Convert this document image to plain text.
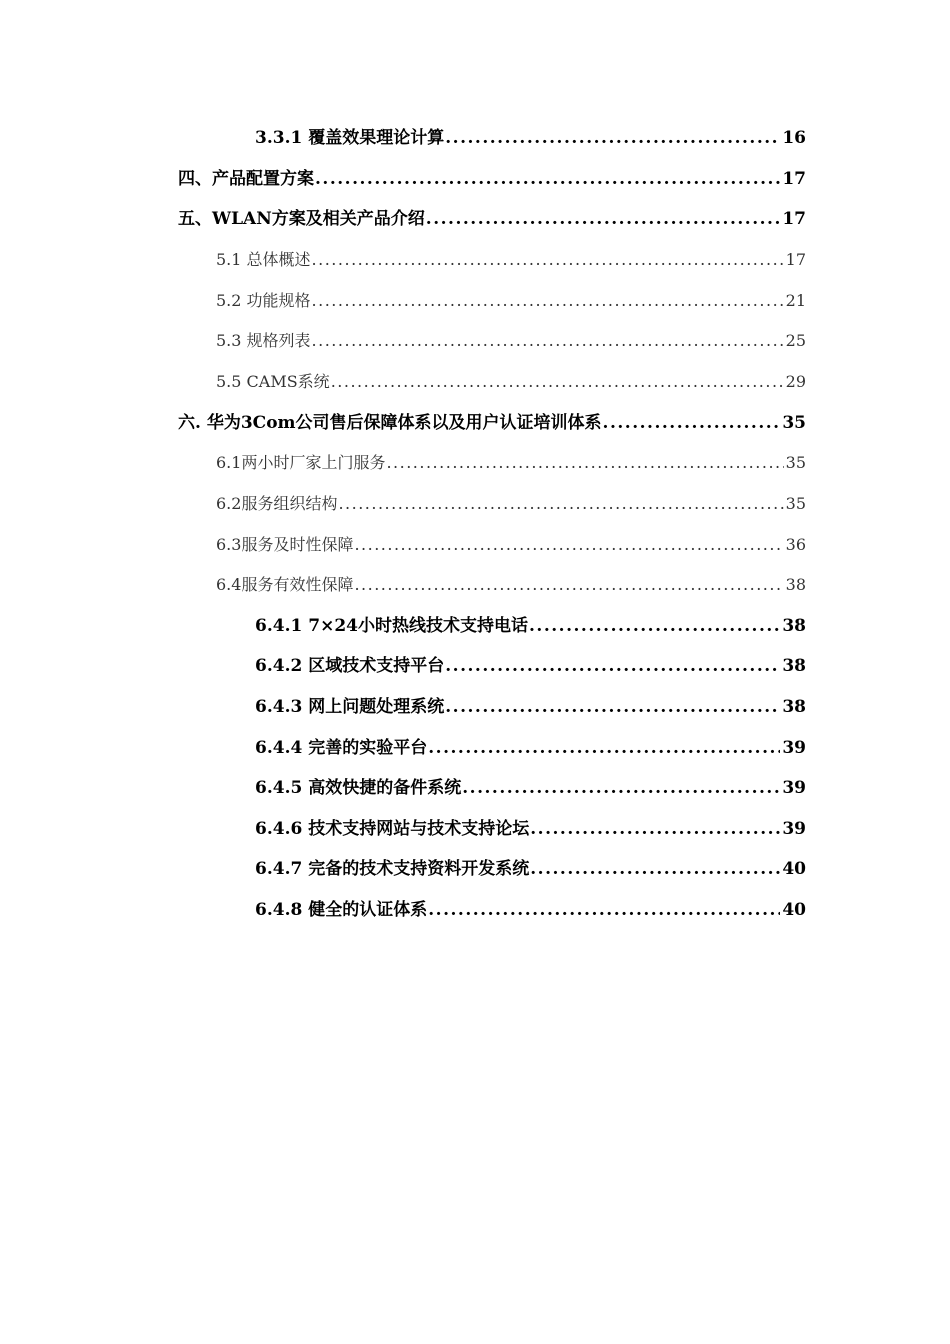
3.3.1 覆盖效果理论计算 .....	16
四、产品配置方案 .....	17
五、WLAN方案及相关产品介绍 .....	17
5.1 总体概述 .....	17
5.2 功能规格 .....	21
5.3 规格列表 .....	25
5.5 CAMS系统 .....	29
六. 华为3Com公司售后保障体系以及用户认证培训体系 .....	35
6.1两小时厂家上门服务 .....	35
6.2服务组织结构 .....	35
6.3服务及时性保障 .....	36
6.4服务有效性保障 .....	38
6.4.1 7×24小时热线技术支持电话 .....	38
6.4.2 区域技术支持平台 .....	38
6.4.3 网上问题处理系统 .....	38
6.4.4 完善的实验平台 .....	39
6.4.5 高效快捷的备件系统 .....	39
6.4.6 技术支持网站与技术支持论坛 .....	39
6.4.7 完备的技术支持资料开发系统 .....	40
6.4.8 健全的认证体系 .....	40
